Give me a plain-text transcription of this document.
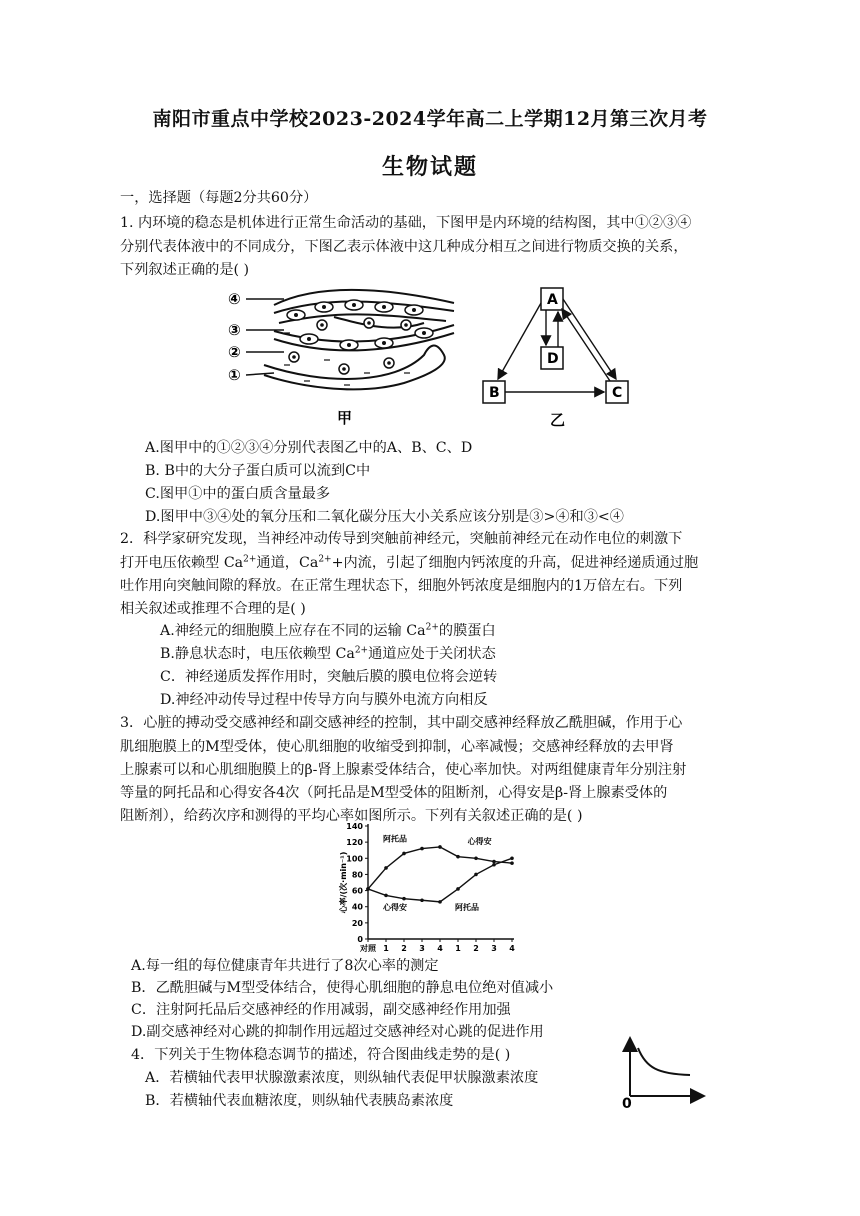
南阳市重点中学校2023-2024学年高二上学期12月第三次月考
生物试题
一，选择题（每题2分共60分）
1. 内环境的稳态是机体进行正常生命活动的基础，下图甲是内环境的结构图，其中①②③④
分别代表体液中的不同成分，下图乙表示体液中这几种成分相互之间进行物质交换的关系，
下列叙述正确的是( )
④
③
②
①
甲
A
D
B	C
乙
A.图甲中的①②③④分别代表图乙中的A、B、C、D
B. B中的大分子蛋白质可以流到C中
C.图甲①中的蛋白质含量最多
D.图甲中③④处的氧分压和二氧化碳分压大小关系应该分别是③>④和③<④
2．科学家研究发现，当神经冲动传导到突触前神经元，突触前神经元在动作电位的刺激下
打开电压依赖型 $Ca^{2+}$通道，$Ca^{2+}+$内流，引起了细胞内钙浓度的升高，促进神经递质通过胞
吐作用向突触间隙的释放。在正常生理状态下，细胞外钙浓度是细胞内的1万倍左右。下列
相关叙述或推理不合理的是( )
A.神经元的细胞膜上应存在不同的运输 $Ca^{2+}$的膜蛋白
B.静息状态时，电压依赖型 $Ca^{2+}$通道应处于关闭状态
C．神经递质发挥作用时，突触后膜的膜电位将会逆转
D.神经冲动传导过程中传导方向与膜外电流方向相反
3．心脏的搏动受交感神经和副交感神经的控制，其中副交感神经释放乙酰胆碱，作用于心
肌细胞膜上的M型受体，使心肌细胞的收缩受到抑制，心率减慢；交感神经释放的去甲肾
上腺素可以和心肌细胞膜上的β-肾上腺素受体结合，使心率加快。对两组健康青年分别注射
等量的阿托品和心得安各4次（阿托品是M型受体的阻断剂，心得安是β-肾上腺素受体的
阻断剂），给药次序和测得的平均心率如图所示。下列有关叙述正确的是( )
0
20
40
60
80
100
120
140
对照 1 2 3 4 1 2 3 4
心率/(次·min⁻¹)
阿托品	心得安
心得安	阿托品
A.每一组的每位健康青年共进行了8次心率的测定
B．乙酰胆碱与M型受体结合，使得心肌细胞的静息电位绝对值减小
C．注射阿托品后交感神经的作用减弱，副交感神经作用加强
D.副交感神经对心跳的抑制作用远超过交感神经对心跳的促进作用
4．下列关于生物体稳态调节的描述，符合图曲线走势的是( )
A．若横轴代表甲状腺激素浓度，则纵轴代表促甲状腺激素浓度
B．若横轴代表血糖浓度，则纵轴代表胰岛素浓度	0
